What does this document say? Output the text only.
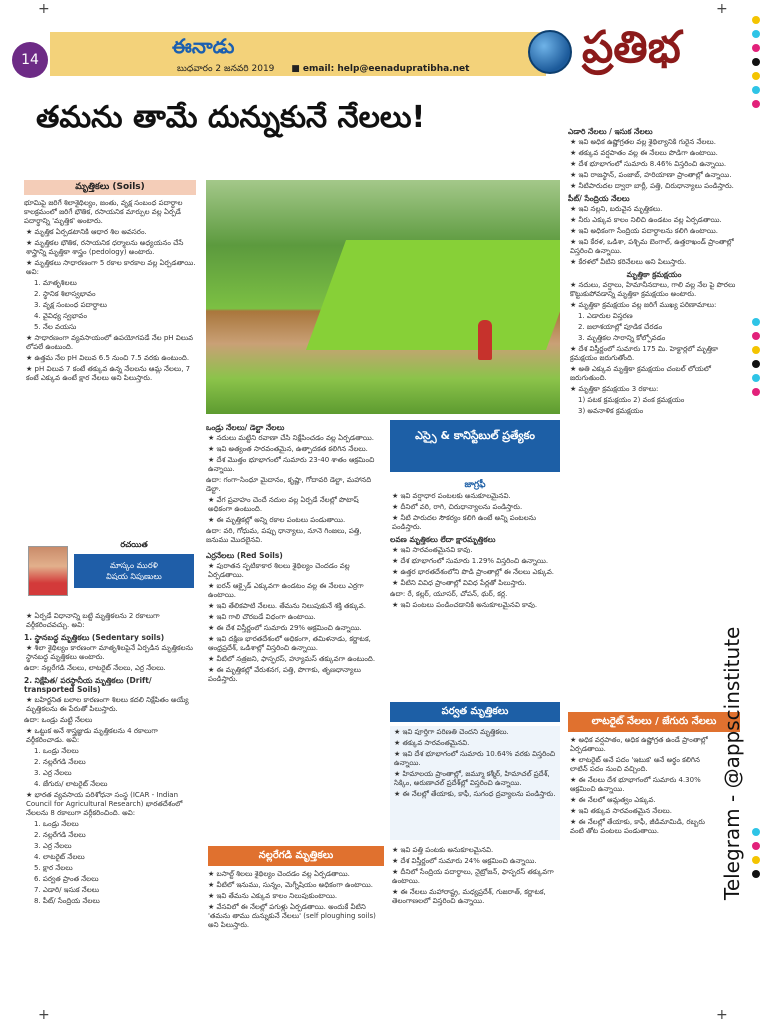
+	+
+	+
14
ఈనాడు
బుధవారం 2 జనవరి 2019 ■ email: help@eenadupratibha.net	ప్రతిభ
తమను తామే దున్నుకునే నేలలు!
మృత్తికలు (Soils)

భూమిపై జరిగే శిలాశైథిల్యం, జంతు, వృక్ష సంబంధ పదార్థాల కాలక్రమంలో జరిగే భౌతిక, రసాయనిక మార్పుల వల్ల ఏర్పడే పదార్థాన్ని 'మృత్తిక' అంటారు.

★ మృత్తిక ఏర్పడటానికి ఆధార శిల అవసరం.

★ మృత్తికల భౌతిక, రసాయనిక ధర్మాలను అధ్యయనం చేసే శాస్త్రాన్ని మృత్తికా శాస్త్రం (pedology) అంటారు.

★ మృత్తికలు సాధారణంగా 5 రకాల కారకాల వల్ల ఏర్పడతాయి. అవి:

1. మాతృశిలలు

2. స్థానిక శిలాస్వభావం

3. వృక్ష సంబంధ పదార్థాలు

4. వైవిధ్య స్వభావం

5. నేల వయసు

★ సాధారణంగా వ్యవసాయంలో ఉపయోగపడే నేల pH విలువ లోపలే ఉంటుంది.

★ ఉత్తమ నేల pH విలువ 6.5 నుంచి 7.5 వరకు ఉంటుంది.

★ pH విలువ 7 కంటే తక్కువ ఉన్న నేలలను ఆమ్ల నేలలు, 7 కంటే ఎక్కువ ఉంటే క్షార నేలలు అని పిలుస్తారు.

రచయిత
మాస్కం మురళి
విషయ నిపుణులు

★ ఏర్పడే విధానాన్ని బట్టి మృత్తికలను 2 రకాలుగా వర్గీకరించవచ్చు. అవి:

1. స్థానబద్ధ మృత్తికలు (Sedentary soils)

★ శిలా శైథిల్యం కారణంగా మాతృశిలపైనే ఏర్పడిన మృత్తికలను స్థానబద్ధ మృత్తికలు అంటారు.

ఉదా: నల్లరేగడి నేలలు, లాటరైట్ నేలలు, ఎర్ర నేలలు.

2. నిక్షేపిత/ పరస్థానీయ మృత్తికలు (Drift/ transported Soils)

★ బహిర్జనిత బలాల కారణంగా శిలలు కదలి నిక్షేపితం అయ్యే మృత్తికలను ఈ పేరుతో పిలుస్తారు.

ఉదా: ఒండ్రు మట్టి నేలలు

★ ఒట్టుక అనే శాస్త్రజ్ఞుడు మృత్తికలను 4 రకాలుగా వర్గీకరించాడు. అవి:

1. ఒండ్రు నేలలు

2. నల్లరేగడి నేలలు

3. ఎర్ర నేలలు

4. జేగురు/ లాటరైట్ నేలలు

★ భారత వ్యవసాయ పరిశోధనా సంస్థ (ICAR - Indian Council for Agricultural Research) భారతదేశంలో నేలలను 8 రకాలుగా వర్గీకరించింది. అవి:

1. ఒండ్రు నేలలు

2. నల్లరేగడి నేలలు

3. ఎర్ర నేలలు

4. లాటరైట్ నేలలు

5. క్షార నేలలు

6. పర్వత ప్రాంత నేలలు

7. ఎడారి/ ఇసుక నేలలు

8. పీట్/ సేంద్రియ నేలలు

ఒండ్రు నేలలు/ డెల్టా నేలలు

★ నదులు మట్టిని రవాణా చేసి నిక్షేపించడం వల్ల ఏర్పడతాయి.

★ ఇవి అత్యంత సారవంతమైన, ఉత్పాదకత కలిగిన నేలలు.

★ దేశ మొత్తం భూభాగంలో సుమారు 23-40 శాతం ఆక్రమించి ఉన్నాయి.

ఉదా: గంగా-సింధూ మైదానం, కృష్ణా, గోదావరి డెల్టా, మహానది డెల్టా.

★ వేగ ప్రవాహం చెందే నదుల వల్ల ఏర్పడే నేలల్లో పొటాష్ అధికంగా ఉంటుంది.

★ ఈ మృత్తికల్లో అన్ని రకాల పంటలు పండుతాయి.

ఉదా: వరి, గోధుమ, పప్పు ధాన్యాలు, నూనె గింజలు, పత్తి, జనుము మొదలైనవి.

ఎర్రనేలలు (Red Soils)

★ పురాతన స్ఫటికాకార శిలలు శైథిల్యం చెందడం వల్ల ఏర్పడతాయి.

★ ఐరన్ ఆక్సైడ్ ఎక్కువగా ఉండటం వల్ల ఈ నేలలు ఎర్రగా ఉంటాయి.

★ ఇవి తేలికపాటి నేలలు. తేమను నిలుపుకునే శక్తి తక్కువ.

★ ఇవి గాలి చొరబడే విధంగా ఉంటాయి.

★ ఈ దేశ విస్తీర్ణంలో సుమారు 29% ఆక్రమించి ఉన్నాయి.

★ ఇవి దక్షిణ భారతదేశంలో అధికంగా, తమిళనాడు, కర్ణాటక, ఆంధ్రప్రదేశ్, ఒడిశాల్లో విస్తరించి ఉన్నాయి.

★ వీటిలో నత్రజని, ఫాస్ఫరస్, హ్యూమస్ తక్కువగా ఉంటుంది.

★ ఈ మృత్తికల్లో వేరుశనగ, పత్తి, పొగాకు, తృణధాన్యాలు పండిస్తారు.

ఎస్సై & కానిస్టేబుల్ ప్రత్యేకం

జాగ్రఫీ

★ ఇవి వర్షాధార పంటలకు అనుకూలమైనవి.

★ దీనిలో వరి, రాగి, చిరుధాన్యాలను పండిస్తారు.

★ నీటి పారుదల సౌకర్యం కలిగి ఉంటే అన్ని పంటలను పండిస్తారు.

లవణ మృత్తికలు లేదా క్షారమృత్తికలు

★ ఇవి సారవంతమైనవి కావు.

★ దేశ భూభాగంలో సుమారు 1.29% విస్తరించి ఉన్నాయి.

★ ఉత్తర భారతదేశంలోని పొడి ప్రాంతాల్లో ఈ నేలలు ఎక్కువ.

★ వీటిని వివిధ ప్రాంతాల్లో వివిధ పేర్లతో పిలుస్తారు.

ఉదా: రే, కల్లర్, యూసర్, చోపన్, థుర్, కర్ల.

★ ఇవి పంటలు పండించడానికి అనుకూలమైనవి కావు.

పర్వత మృత్తికలు

★ ఇవి పూర్తిగా పరిణతి చెందని మృత్తికలు.

★ తక్కువ సారవంతమైనవి.

★ ఇవి దేశ భూభాగంలో సుమారు 10.64% వరకు విస్తరించి ఉన్నాయి.

★ హిమాలయ ప్రాంతాల్లో, జమ్మూ కశ్మీర్, హిమాచల్ ప్రదేశ్, సిక్కిం, అరుణాచల్ ప్రదేశ్‌ల్లో విస్తరించి ఉన్నాయి.

★ ఈ నేలల్లో తేయాకు, కాఫీ, సుగంధ ద్రవ్యాలను పండిస్తారు.

నల్లరేగడి మృత్తికలు

★ బసాల్ట్ శిలలు శైథిల్యం చెందడం వల్ల ఏర్పడతాయి.

★ వీటిలో ఇనుము, సున్నం, మెగ్నీషియం అధికంగా ఉంటాయి.

★ ఇవి తేమను ఎక్కువ కాలం నిలుపుకుంటాయి.

★ వేసవిలో ఈ నేలల్లో పగుళ్లు ఏర్పడతాయి. అందుకే వీటిని 'తమను తాము దున్నుకునే నేలలు' (self ploughing soils) అని పిలుస్తారు.

★ ఇవి పత్తి పంటకు అనుకూలమైనవి.

★ దేశ విస్తీర్ణంలో సుమారు 24% ఆక్రమించి ఉన్నాయి.

★ దీనిలో సేంద్రియ పదార్థాలు, నైట్రోజన్, ఫాస్ఫరస్ తక్కువగా ఉంటాయి.

★ ఈ నేలలు మహారాష్ట్ర, మధ్యప్రదేశ్, గుజరాత్, కర్ణాటక, తెలంగాణలలో విస్తరించి ఉన్నాయి.

ఎడారి నేలలు / ఇసుక నేలలు

★ ఇవి అధిక ఉష్ణోగ్రతల వల్ల శైథిల్యానికి గురైన నేలలు.

★ తక్కువ వర్షపాతం వల్ల ఈ నేలలు పొడిగా ఉంటాయి.

★ దేశ భూభాగంలో సుమారు 8.46% విస్తరించి ఉన్నాయి.

★ ఇవి రాజస్థాన్, పంజాబ్, హరియాణా ప్రాంతాల్లో ఉన్నాయి.

★ నీటిపారుదల ద్వారా బార్లీ, పత్తి, చిరుధాన్యాలు పండిస్తారు.

పీట్/ సేంద్రియ నేలలు

★ ఇవి నల్లని, బరువైన మృత్తికలు.

★ నీరు ఎక్కువ కాలం నిలిచి ఉండటం వల్ల ఏర్పడతాయి.

★ ఇవి అధికంగా సేంద్రియ పదార్థాలను కలిగి ఉంటాయి.

★ ఇవి కేరళ, ఒడిశా, పశ్చిమ బెంగాల్, ఉత్తరాఖండ్ ప్రాంతాల్లో విస్తరించి ఉన్నాయి.

★ కేరళలో వీటిని కరినేలలు అని పిలుస్తారు.

మృత్తికా క్రమక్షయం

★ నదులు, వర్షాలు, హిమానీనదాలు, గాలి వల్ల నేల పై పొరలు కొట్టుకుపోవడాన్ని మృత్తికా క్రమక్షయం అంటారు.

★ మృత్తికా క్రమక్షయం వల్ల జరిగే ముఖ్య పరిణామాలు:

1. ఎడారుల విస్తరణ

2. జలాశయాల్లో పూడిక చేరడం

3. మృత్తికల సారాన్ని కోల్పోవడం

★ దేశ విస్తీర్ణంలో సుమారు 175 మి. హెక్టార్లలో మృత్తికా క్రమక్షయం జరుగుతోంది.

★ అతి ఎక్కువ మృత్తికా క్రమక్షయం చంబల్ లోయలో జరుగుతుంది.

★ మృత్తికా క్రమక్షయం 3 రకాలు:

1) పటక క్రమక్షయం 2) వంక క్రమక్షయం

3) అవనాళిక క్రమక్షయం

లాటరైట్ నేలలు / జేగురు నేలలు

★ అధిక వర్షపాతం, అధిక ఉష్ణోగ్రత ఉండే ప్రాంతాల్లో ఏర్పడతాయి.

★ లాటరైట్ అనే పదం 'ఇటుక' అనే అర్థం కలిగిన లాటిన్ పదం నుంచి వచ్చింది.

★ ఈ నేలలు దేశ భూభాగంలో సుమారు 4.30% ఆక్రమించి ఉన్నాయి.

★ ఈ నేలలో ఆమ్లత్వం ఎక్కువ.

★ ఇవి తక్కువ సారవంతమైన నేలలు.

★ ఈ నేలల్లో తేయాకు, కాఫీ, జీడిమామిడి, రబ్బరు వంటి తోట పంటలు పండుతాయి.	Telegram - @appscinstitute
